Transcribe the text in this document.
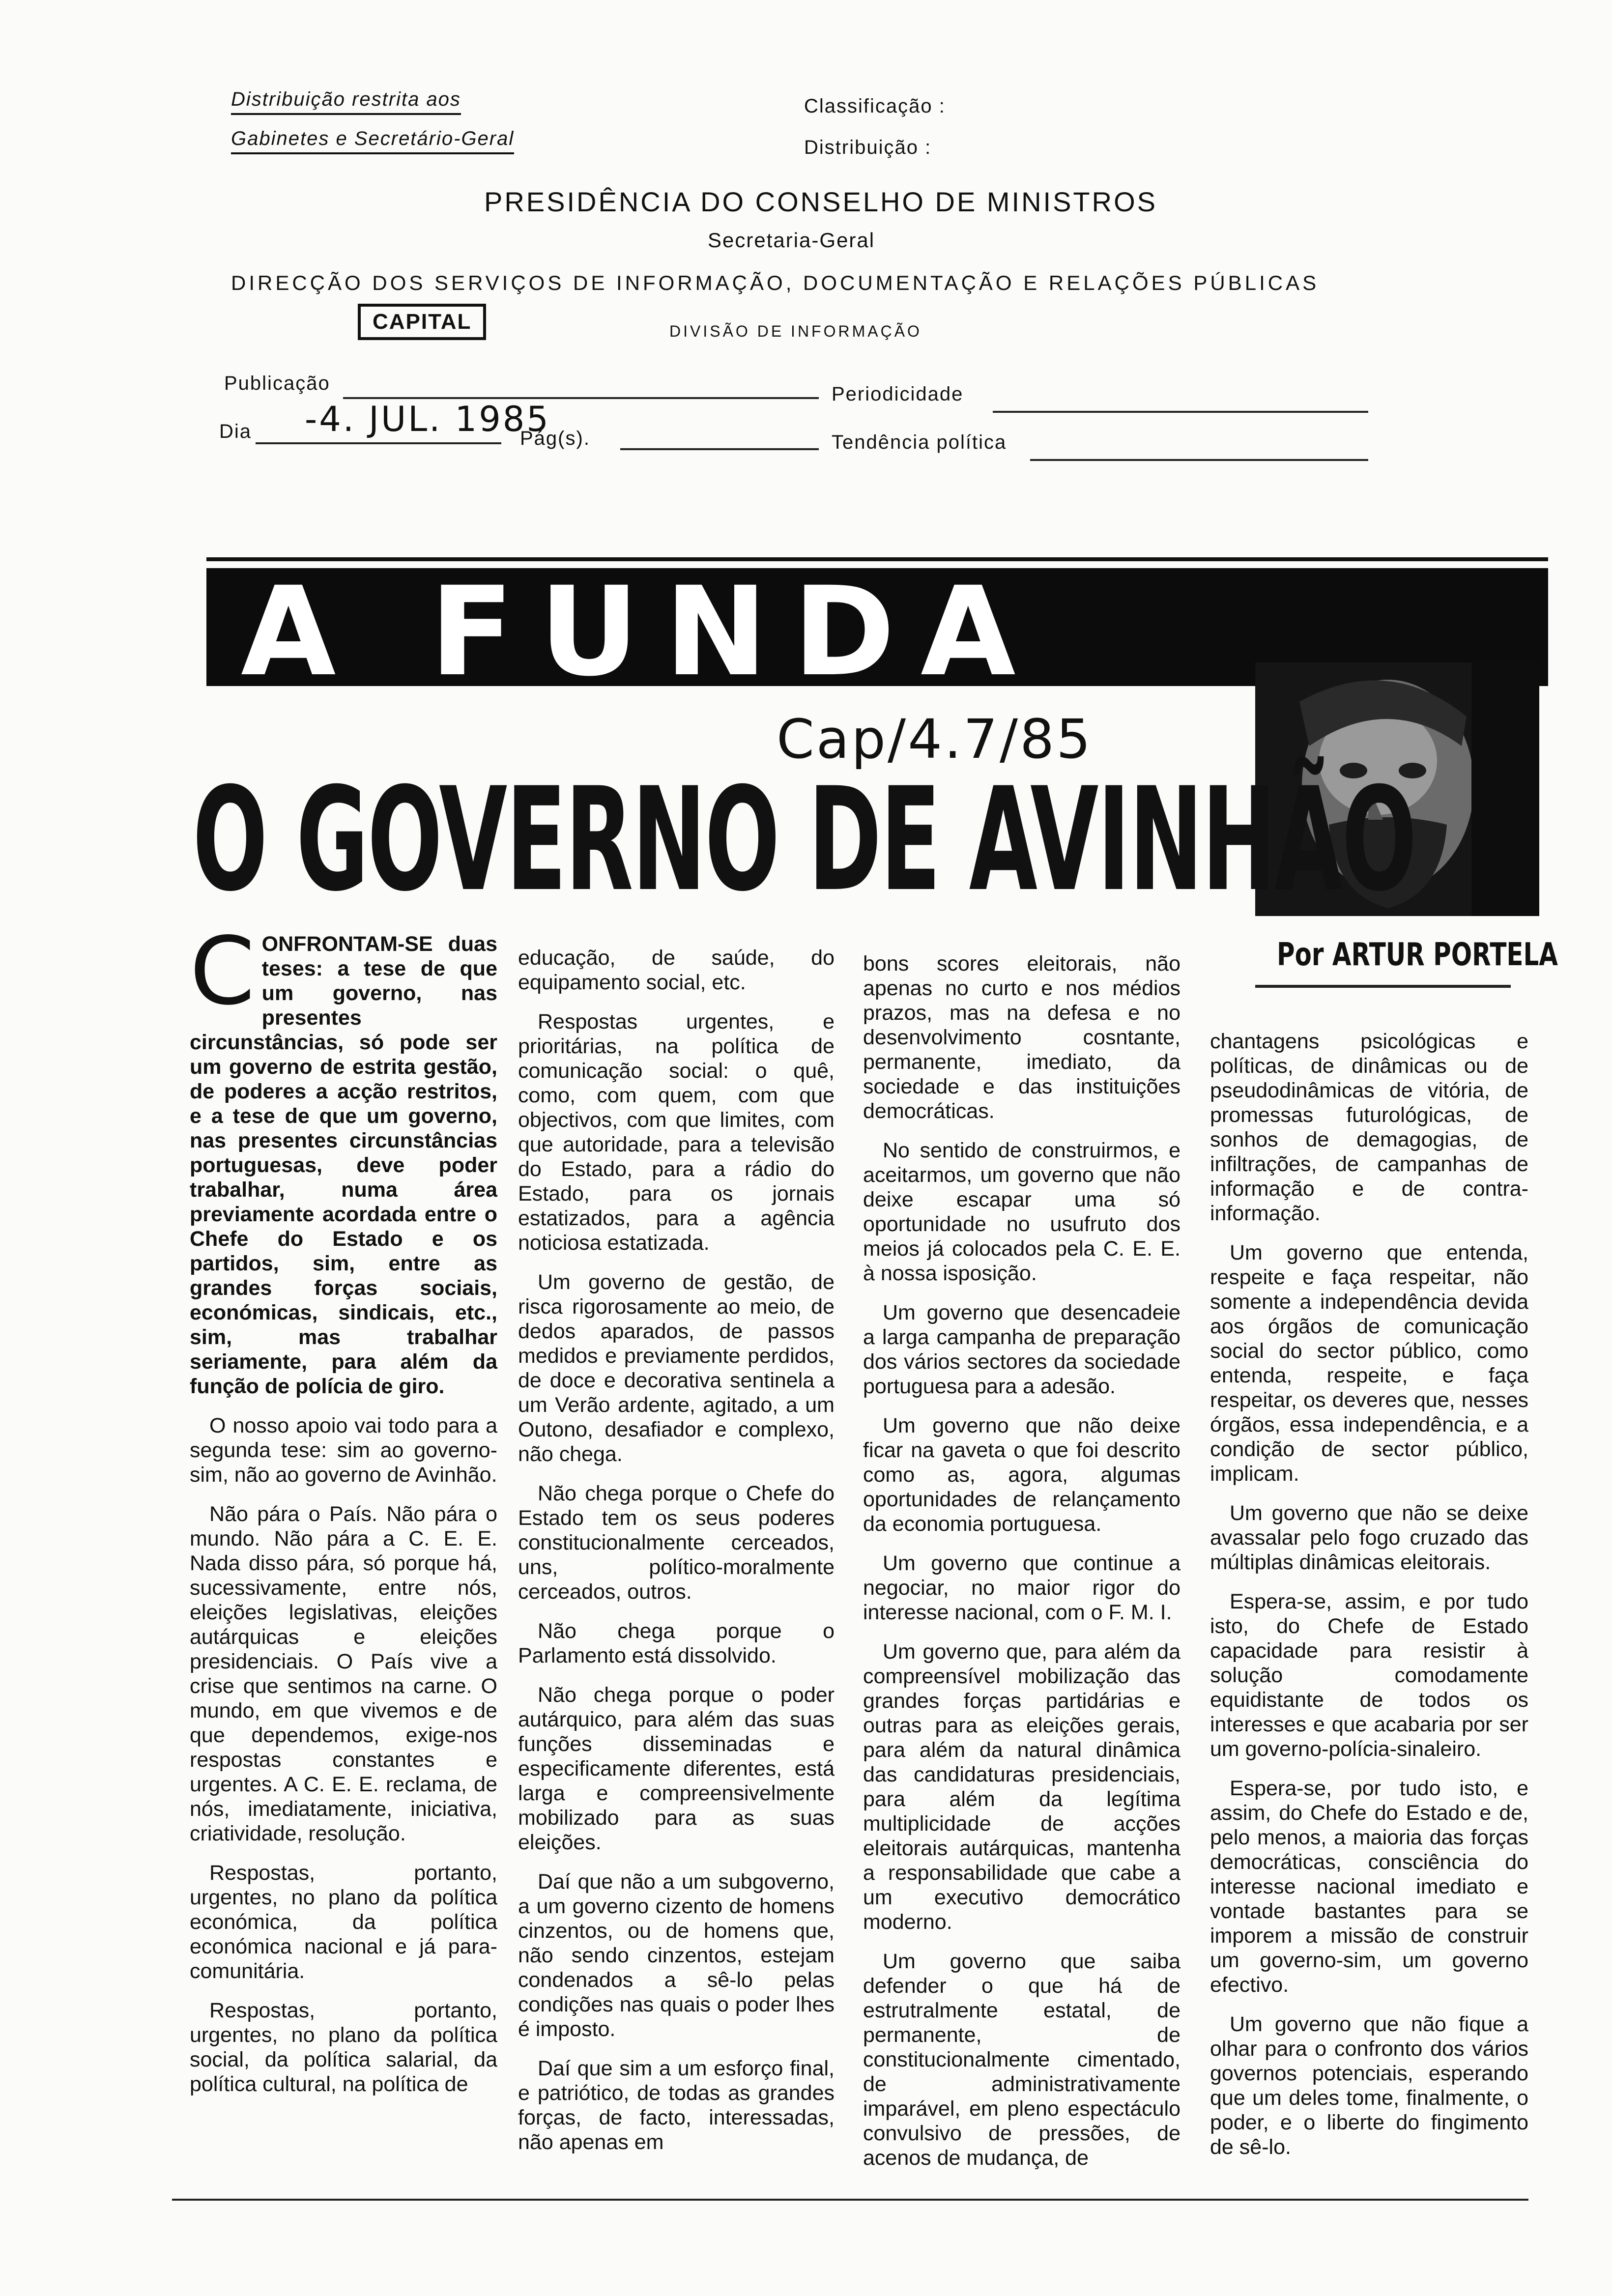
Distribuição restrita aos
Gabinetes e Secretário-Geral
Classificação :
Distribuição :
PRESIDÊNCIA DO CONSELHO DE MINISTROS
Secretaria-Geral
DIRECÇÃO DOS SERVIÇOS DE INFORMAÇÃO, DOCUMENTAÇÃO E RELAÇÕES PÚBLICAS
CAPITAL	DIVISÃO DE INFORMAÇÃO
Publicação	Periodicidade
Dia -4. JUL. 1985
Pág(s).	Tendência política
A FUNDA
Cap/4.7/85
O GOVERNO DE AVINHÃO
Por ARTUR PORTELA

CONFRONTAM-SE duas teses: a tese de que um governo, nas presentes circunstâncias, só pode ser um governo de estrita gestão, de poderes a acção restritos, e a tese de que um governo, nas presentes circunstâncias portuguesas, deve poder trabalhar, numa área previamente acordada entre o Chefe do Estado e os partidos, sim, entre as grandes forças sociais, económicas, sindicais, etc., sim, mas trabalhar seriamente, para além da função de polícia de giro.

O nosso apoio vai todo para a segunda tese: sim ao governo-sim, não ao governo de Avinhão.

Não pára o País. Não pára o mundo. Não pára a C. E. E. Nada disso pára, só porque há, sucessivamente, entre nós, eleições legislativas, eleições autárquicas e eleições presidenciais. O País vive a crise que sentimos na carne. O mundo, em que vivemos e de que dependemos, exige-nos respostas constantes e urgentes. A C. E. E. reclama, de nós, imediatamente, iniciativa, criatividade, resolução.

Respostas, portanto, urgentes, no plano da política económica, da política económica nacional e já para-comunitária.

Respostas, portanto, urgentes, no plano da política social, da política salarial, da política cultural, na política de

educação, de saúde, do equipamento social, etc.

Respostas urgentes, e prioritárias, na política de comunicação social: o quê, como, com quem, com que objectivos, com que limites, com que autoridade, para a televisão do Estado, para a rádio do Estado, para os jornais estatizados, para a agência noticiosa estatizada.

Um governo de gestão, de risca rigorosamente ao meio, de dedos aparados, de passos medidos e previamente perdidos, de doce e decorativa sentinela a um Verão ardente, agitado, a um Outono, desafiador e complexo, não chega.

Não chega porque o Chefe do Estado tem os seus poderes constitucionalmente cerceados, uns, político-moralmente cerceados, outros.

Não chega porque o Parlamento está dissolvido.

Não chega porque o poder autárquico, para além das suas funções disseminadas e especificamente diferentes, está larga e compreensivelmente mobilizado para as suas eleições.

Daí que não a um subgoverno, a um governo cizento de homens cinzentos, ou de homens que, não sendo cinzentos, estejam condenados a sê-lo pelas condições nas quais o poder lhes é imposto.

Daí que sim a um esforço final, e patriótico, de todas as grandes forças, de facto, interessadas, não apenas em

bons scores eleitorais, não apenas no curto e nos médios prazos, mas na defesa e no desenvolvimento cosntante, permanente, imediato, da sociedade e das instituições democráticas.

No sentido de construirmos, e aceitarmos, um governo que não deixe escapar uma só oportunidade no usufruto dos meios já colocados pela C. E. E. à nossa isposição.

Um governo que desencadeie a larga campanha de preparação dos vários sectores da sociedade portuguesa para a adesão.

Um governo que não deixe ficar na gaveta o que foi descrito como as, agora, algumas oportunidades de relançamento da economia portuguesa.

Um governo que continue a negociar, no maior rigor do interesse nacional, com o F. M. I.

Um governo que, para além da compreensível mobilização das grandes forças partidárias e outras para as eleições gerais, para além da natural dinâmica das candidaturas presidenciais, para além da legítima multiplicidade de acções eleitorais autárquicas, mantenha a responsabilidade que cabe a um executivo democrático moderno.

Um governo que saiba defender o que há de estrutralmente estatal, de permanente, de constitucionalmente cimentado, de administrativamente imparável, em pleno espectáculo convulsivo de pressões, de acenos de mudança, de

chantagens psicológicas e políticas, de dinâmicas ou de pseudodinâmicas de vitória, de promessas futurológicas, de sonhos de demagogias, de infiltrações, de campanhas de informação e de contra-informação.

Um governo que entenda, respeite e faça respeitar, não somente a independência devida aos órgãos de comunicação social do sector público, como entenda, respeite, e faça respeitar, os deveres que, nesses órgãos, essa independência, e a condição de sector público, implicam.

Um governo que não se deixe avassalar pelo fogo cruzado das múltiplas dinâmicas eleitorais.

Espera-se, assim, e por tudo isto, do Chefe de Estado capacidade para resistir à solução comodamente equidistante de todos os interesses e que acabaria por ser um governo-polícia-sinaleiro.

Espera-se, por tudo isto, e assim, do Chefe do Estado e de, pelo menos, a maioria das forças democráticas, consciência do interesse nacional imediato e vontade bastantes para se imporem a missão de construir um governo-sim, um governo efectivo.

Um governo que não fique a olhar para o confronto dos vários governos potenciais, esperando que um deles tome, finalmente, o poder, e o liberte do fingimento de sê-lo.
